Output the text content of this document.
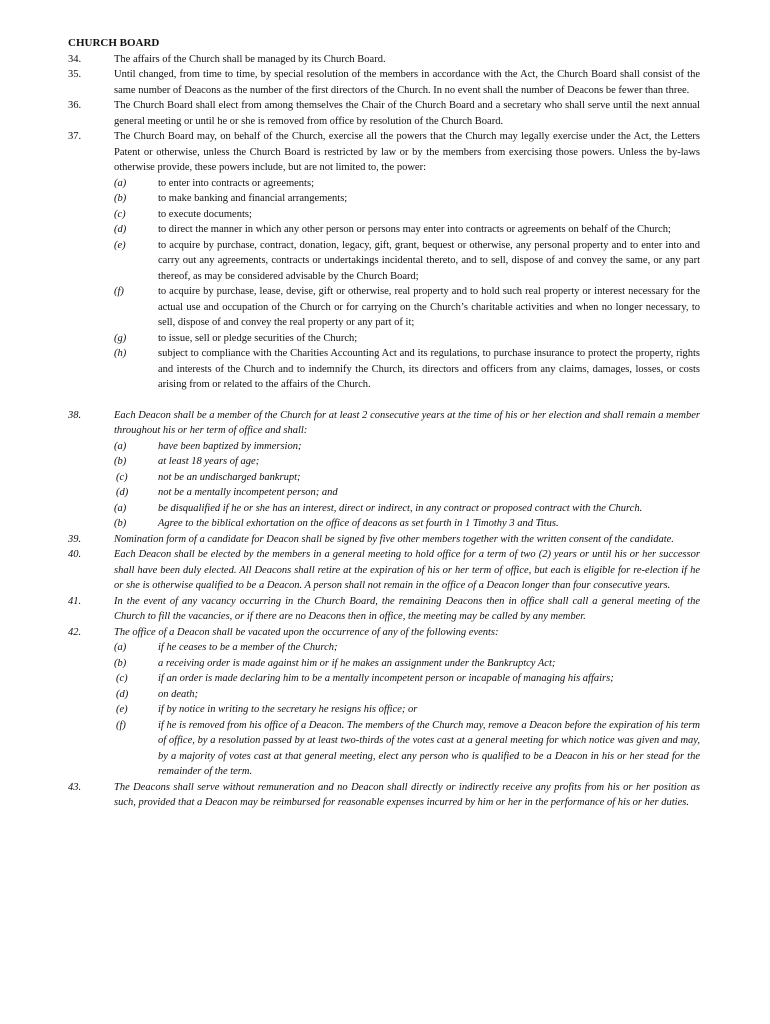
CHURCH BOARD
34.	The affairs of the Church shall be managed by its Church Board.
35.	Until changed, from time to time, by special resolution of the members in accordance with the Act, the Church Board shall consist of the same number of Deacons as the number of the first directors of the Church. In no event shall the number of Deacons be fewer than three.
36.	The Church Board shall elect from among themselves the Chair of the Church Board and a secretary who shall serve until the next annual general meeting or until he or she is removed from office by resolution of the Church Board.
37.	The Church Board may, on behalf of the Church, exercise all the powers that the Church may legally exercise under the Act, the Letters Patent or otherwise, unless the Church Board is restricted by law or by the members from exercising those powers. Unless the by-laws otherwise provide, these powers include, but are not limited to, the power:
(a)	to enter into contracts or agreements;
(b)	to make banking and financial arrangements;
(c)	to execute documents;
(d)	to direct the manner in which any other person or persons may enter into contracts or agreements on behalf of the Church;
(e)	to acquire by purchase, contract, donation, legacy, gift, grant, bequest or otherwise, any personal property and to enter into and carry out any agreements, contracts or undertakings incidental thereto, and to sell, dispose of and convey the same, or any part thereof, as may be considered advisable by the Church Board;
(f)	to acquire by purchase, lease, devise, gift or otherwise, real property and to hold such real property or interest necessary for the actual use and occupation of the Church or for carrying on the Church’s charitable activities and when no longer necessary, to sell, dispose of and convey the real property or any part of it;
(g)	to issue, sell or pledge securities of the Church;
(h)	subject to compliance with the Charities Accounting Act and its regulations, to purchase insurance to protect the property, rights and interests of the Church and to indemnify the Church, its directors and officers from any claims, damages, losses, or costs arising from or related to the affairs of the Church.
38.	Each Deacon shall be a member of the Church for at least 2 consecutive years at the time of his or her election and shall remain a member throughout his or her term of office and shall:
(a)	have been baptized by immersion;
(b)	at least 18 years of age;
(c)	not be an undischarged bankrupt;
(d)	not be a mentally incompetent person; and
(a)	be disqualified if he or she has an interest, direct or indirect, in any contract or proposed contract with the Church.
(b)	Agree to the biblical exhortation on the office of deacons as set fourth in 1 Timothy 3 and Titus.
39.	Nomination form of a candidate for Deacon shall be signed by five other members together with the written consent of the candidate.
40.	Each Deacon shall be elected by the members in a general meeting to hold office for a term of two (2) years or until his or her successor shall have been duly elected. All Deacons shall retire at the expiration of his or her term of office, but each is eligible for re-election if he or she is otherwise qualified to be a Deacon. A person shall not remain in the office of a Deacon longer than four consecutive years.
41.	In the event of any vacancy occurring in the Church Board, the remaining Deacons then in office shall call a general meeting of the Church to fill the vacancies, or if there are no Deacons then in office, the meeting may be called by any member.
42.	The office of a Deacon shall be vacated upon the occurrence of any of the following events:
(a)	if he ceases to be a member of the Church;
(b)	a receiving order is made against him or if he makes an assignment under the Bankruptcy Act;
(c)	if an order is made declaring him to be a mentally incompetent person or incapable of managing his affairs;
(d)	on death;
(e)	if by notice in writing to the secretary he resigns his office; or
(f)	if he is removed from his office of a Deacon. The members of the Church may, remove a Deacon before the expiration of his term of office, by a resolution passed by at least two-thirds of the votes cast at a general meeting for which notice was given and may, by a majority of votes cast at that general meeting, elect any person who is qualified to be a Deacon in his or her stead for the remainder of the term.
43.	The Deacons shall serve without remuneration and no Deacon shall directly or indirectly receive any profits from his or her position as such, provided that a Deacon may be reimbursed for reasonable expenses incurred by him or her in the performance of his or her duties.
